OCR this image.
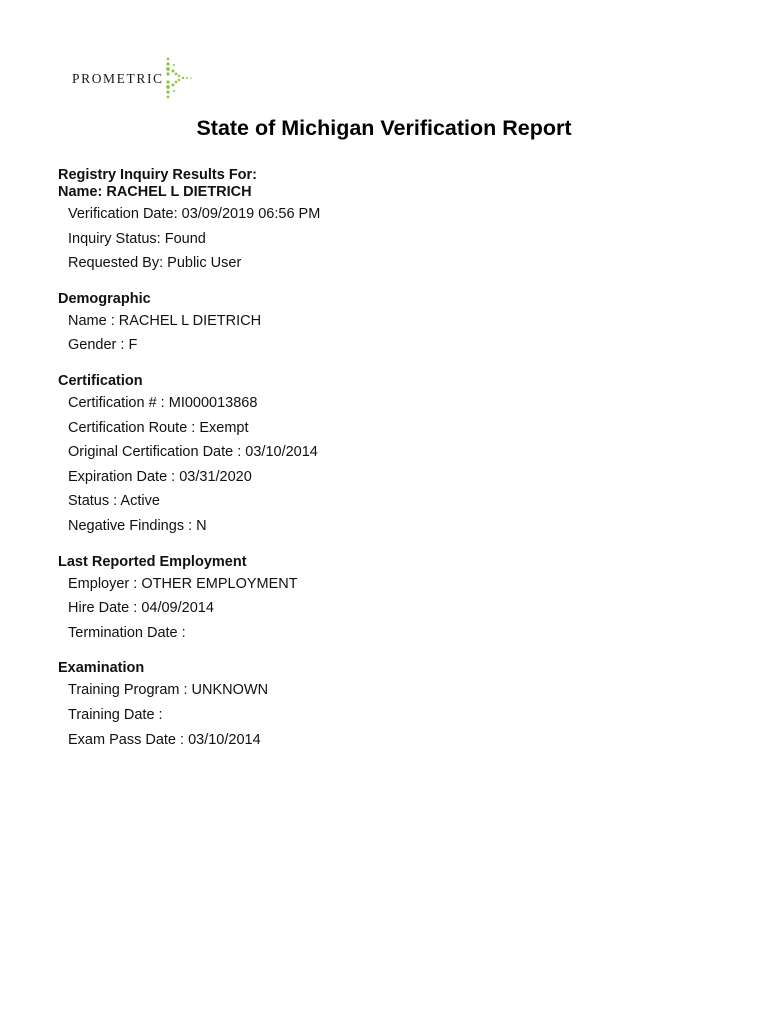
PROMETRIC
State of Michigan Verification Report
Registry Inquiry Results For:
Name: RACHEL L DIETRICH
Verification Date: 03/09/2019 06:56 PM
Inquiry Status: Found
Requested By: Public User
Demographic
Name : RACHEL L DIETRICH
Gender : F
Certification
Certification # : MI000013868
Certification Route : Exempt
Original Certification Date : 03/10/2014
Expiration Date : 03/31/2020
Status : Active
Negative Findings : N
Last Reported Employment
Employer : OTHER EMPLOYMENT
Hire Date : 04/09/2014
Termination Date :
Examination
Training Program : UNKNOWN
Training Date :
Exam Pass Date : 03/10/2014
